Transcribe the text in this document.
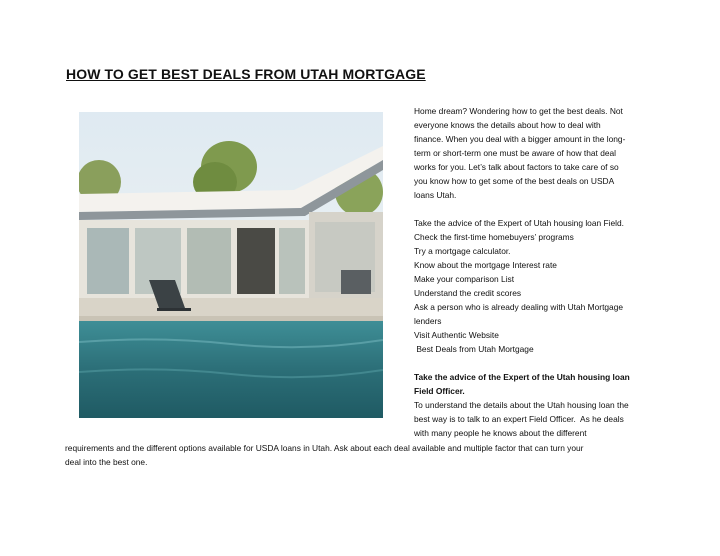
HOW TO GET BEST DEALS FROM UTAH MORTGAGE

Home dream? Wondering how to get the best deals. Not

everyone knows the details about how to deal with

finance. When you deal with a bigger amount in the long-

term or short-term one must be aware of how that deal

works for you. Let’s talk about factors to take care of so

you know how to get some of the best deals on USDA

loans Utah.

Take the advice of the Expert of Utah housing loan Field.

Check the first-time homebuyers’ programs

Try a mortgage calculator.

Know about the mortgage Interest rate

Make your comparison List

Understand the credit scores

Ask a person who is already dealing with Utah Mortgage

lenders

Visit Authentic Website

Best Deals from Utah Mortgage

Take the advice of the Expert of the Utah housing loan

Field Officer.

To understand the details about the Utah housing loan the

best way is to talk to an expert Field Officer.  As he deals

with many people he knows about the different

requirements and the different options available for USDA loans in Utah. Ask about each deal available and multiple factor that can turn your

deal into the best one.
